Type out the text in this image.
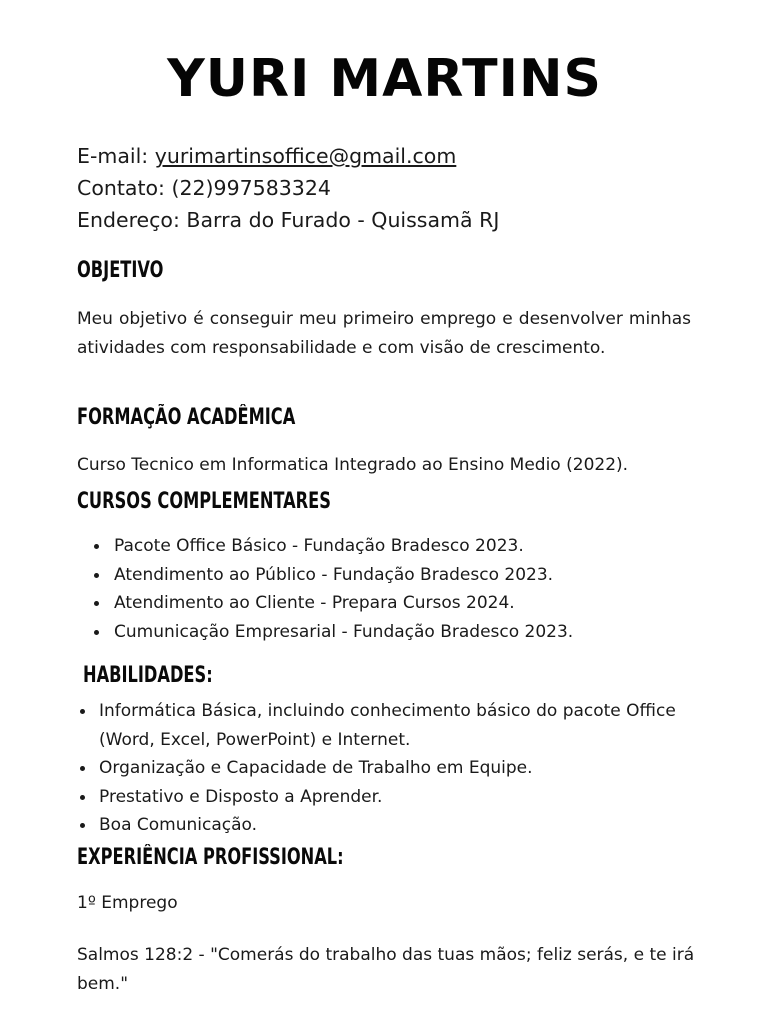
YURI MARTINS
E-mail: yurimartinsoffice@gmail.com
Contato: (22)997583324
Endereço: Barra do Furado - Quissamã RJ
OBJETIVO
Meu objetivo é conseguir meu primeiro emprego e desenvolver minhas atividades com responsabilidade e com visão de crescimento.
FORMAÇÃO ACADÊMICA
Curso Tecnico em Informatica Integrado ao Ensino Medio (2022).
CURSOS COMPLEMENTARES
Pacote Office Básico - Fundação Bradesco 2023.
Atendimento ao Público - Fundação Bradesco 2023.
Atendimento ao Cliente - Prepara Cursos 2024.
Cumunicação Empresarial - Fundação Bradesco 2023.
HABILIDADES:
Informática Básica, incluindo conhecimento básico do pacote Office (Word, Excel, PowerPoint) e Internet.
Organização e Capacidade de Trabalho em Equipe.
Prestativo e Disposto a Aprender.
Boa Comunicação.
EXPERIÊNCIA PROFISSIONAL:
1º Emprego
Salmos 128:2 - "Comerás do trabalho das tuas mãos; feliz serás, e te irá bem."
